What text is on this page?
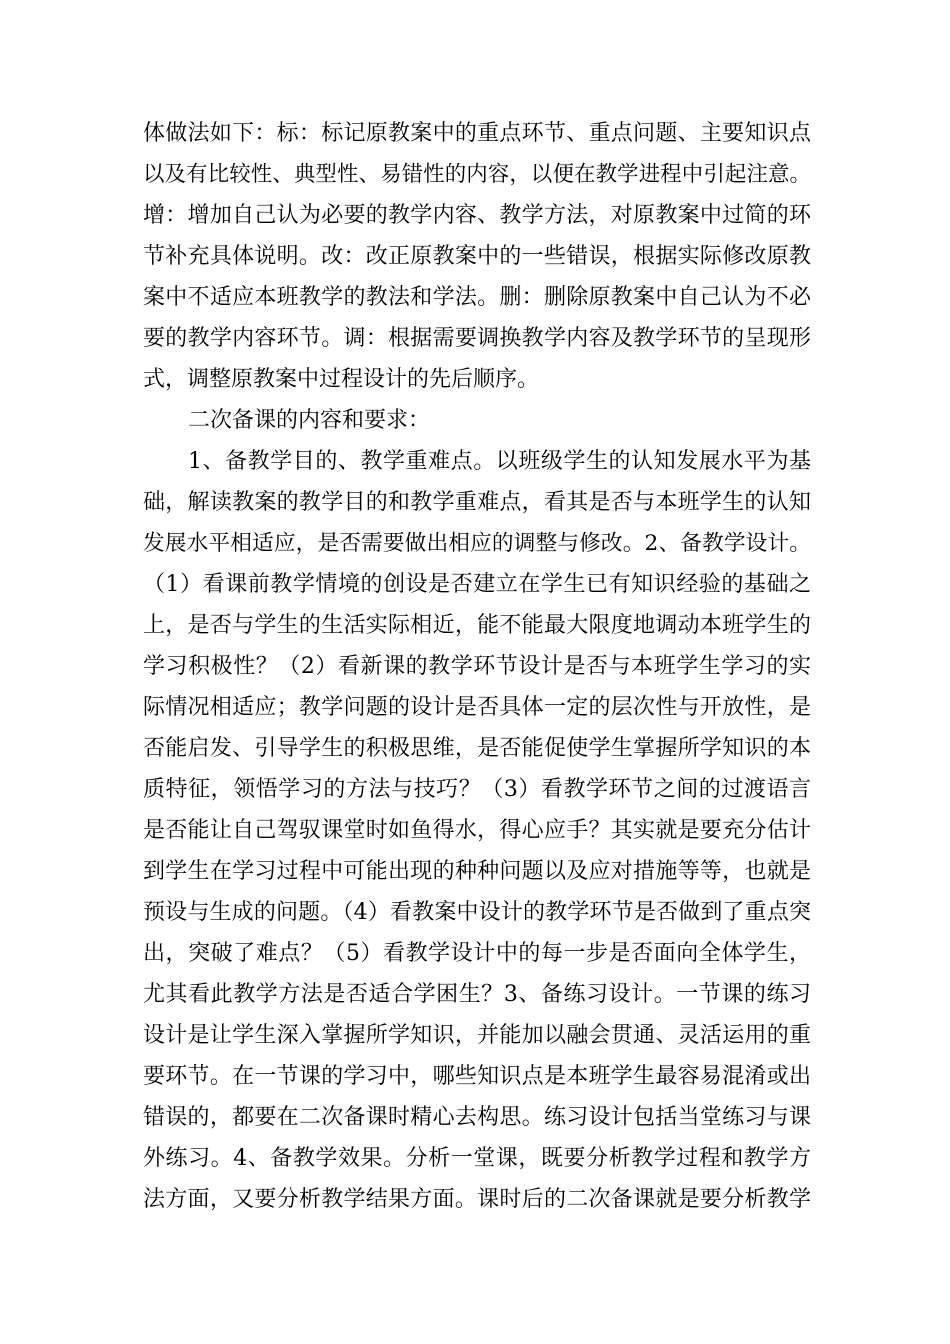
体做法如下：标：标记原教案中的重点环节、重点问题、主要知识点
以及有比较性、典型性、易错性的内容，以便在教学进程中引起注意。
增：增加自己认为必要的教学内容、教学方法，对原教案中过简的环
节补充具体说明。改：改正原教案中的一些错误，根据实际修改原教
案中不适应本班教学的教法和学法。删：删除原教案中自己认为不必
要的教学内容环节。调：根据需要调换教学内容及教学环节的呈现形
式，调整原教案中过程设计的先后顺序。
二次备课的内容和要求：
1、备教学目的、教学重难点。以班级学生的认知发展水平为基
础，解读教案的教学目的和教学重难点，看其是否与本班学生的认知
发展水平相适应，是否需要做出相应的调整与修改。2、备教学设计。
（1）看课前教学情境的创设是否建立在学生已有知识经验的基础之
上，是否与学生的生活实际相近，能不能最大限度地调动本班学生的
学习积极性？（2）看新课的教学环节设计是否与本班学生学习的实
际情况相适应；教学问题的设计是否具体一定的层次性与开放性，是
否能启发、引导学生的积极思维，是否能促使学生掌握所学知识的本
质特征，领悟学习的方法与技巧？（3）看教学环节之间的过渡语言
是否能让自己驾驭课堂时如鱼得水，得心应手？其实就是要充分估计
到学生在学习过程中可能出现的种种问题以及应对措施等等，也就是
预设与生成的问题。（4）看教案中设计的教学环节是否做到了重点突
出，突破了难点？（5）看教学设计中的每一步是否面向全体学生，
尤其看此教学方法是否适合学困生？3、备练习设计。一节课的练习
设计是让学生深入掌握所学知识，并能加以融会贯通、灵活运用的重
要环节。在一节课的学习中，哪些知识点是本班学生最容易混淆或出
错误的，都要在二次备课时精心去构思。练习设计包括当堂练习与课
外练习。4、备教学效果。分析一堂课，既要分析教学过程和教学方
法方面，又要分析教学结果方面。课时后的二次备课就是要分析教学
